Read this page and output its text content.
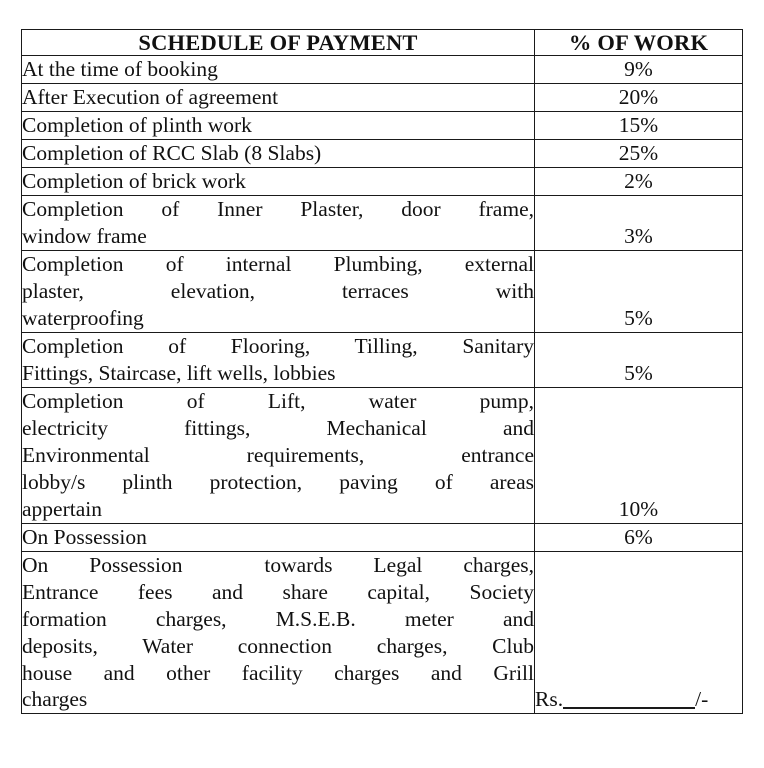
SCHEDULE OF PAYMENT	% OF WORK

At the time of booking	9%

After Execution of agreement	20%

Completion of plinth work	15%

Completion of RCC Slab (8 Slabs)	25%

Completion of brick work	2%

Completion of Inner Plaster, door frame,
window frame	3%

Completion of internal Plumbing, external
plaster, elevation, terraces with
waterproofing	5%

Completion of Flooring, Tilling, Sanitary
Fittings, Staircase, lift wells, lobbies	5%

Completion of Lift, water pump,
electricity fittings, Mechanical and
Environmental requirements, entrance
lobby/s plinth protection, paving of areas
appertain	10%

On Possession	6%

On Possession  towards Legal charges,
Entrance fees and share capital, Society
formation charges, M.S.E.B. meter and
deposits, Water connection charges, Club
house and other facility charges and Grill
charges	Rs.	/-
